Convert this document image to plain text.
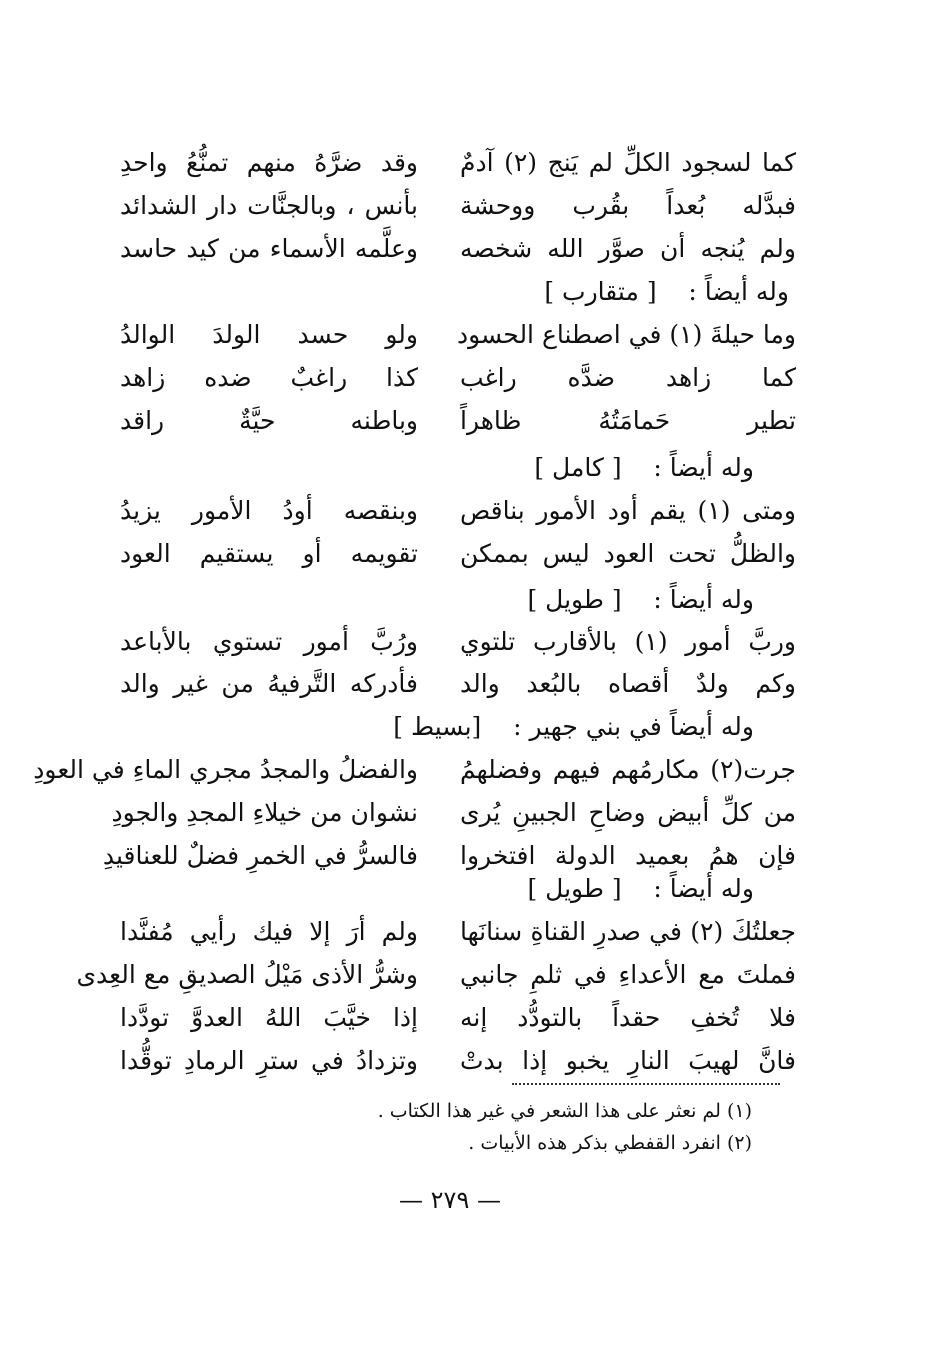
كما لسجود الكلِّ لم يَنج (٢) آدمٌ
وقد ضرَّهُ منهم تمنُّعُ واحدِ
فبدَّله بُعداً بقُرب ووحشة
بأنس ، وبالجنَّات دار الشدائد
ولم يُنجه أن صوَّر الله شخصه
وعلَّمه الأسماء من كيد حاسد
وله أيضاً :    [ متقارب ]
وما حيلةَ (١) في اصطناع الحسود
ولو حسد الولدَ الوالدُ
كما زاهد ضدَّه راغب
كذا راغبٌ ضده زاهد
تطير حَمامَتُهُ ظاهراً
وباطنه حيَّةٌ راقد
وله أيضاً :    [ كامل ]
ومتى (١) يقم أود الأمور بناقص
وبنقصه أودُ الأمور يزيدُ
والظلُّ تحت العود ليس بممكن
تقويمه أو يستقيم العود
وله أيضاً :    [ طويل ]
وربَّ أمور (١) بالأقارب تلتوي
ورُبَّ أمور تستوي بالأباعد
وكم ولدٌ أقصاه بالبُعد والد
فأدركه التَّرفيهُ من غير والد
وله أيضاً في بني جهير :    [بسيط ]
جرت(٢) مكارمُهم فيهم وفضلهمُ
والفضلُ والمجدُ مجري الماءِ في العودِ
من كلِّ أبيض وضاحِ الجبينِ يُرى
نشوان من خيلاءِ المجدِ والجودِ
فإن همُ بعميد الدولة افتخروا
فالسرُّ في الخمرِ فضلٌ للعناقيدِ
وله أيضاً :    [ طويل ]
جعلتُكَ (٢) في صدرِ القناةِ سنانَها
ولم أرَ إلا فيك رأيي مُفنَّدا
فملتَ مع الأعداءِ في ثلمِ جانبي
وشرُّ الأذى مَيْلُ الصديقِ مع العِدى
فلا تُخفِ حقداً بالتودُّد إنه
إذا خيَّبَ اللهُ العدوَّ تودَّدا
فانَّ لهيبَ النارِ يخبو إذا بدتْ
وتزدادُ في سترِ الرمادِ توقُّدا
(١) لم نعثر على هذا الشعر في غير هذا الكتاب .
(٢) انفرد القفطي بذكر هذه الأبيات .
— ٢٧٩ —
